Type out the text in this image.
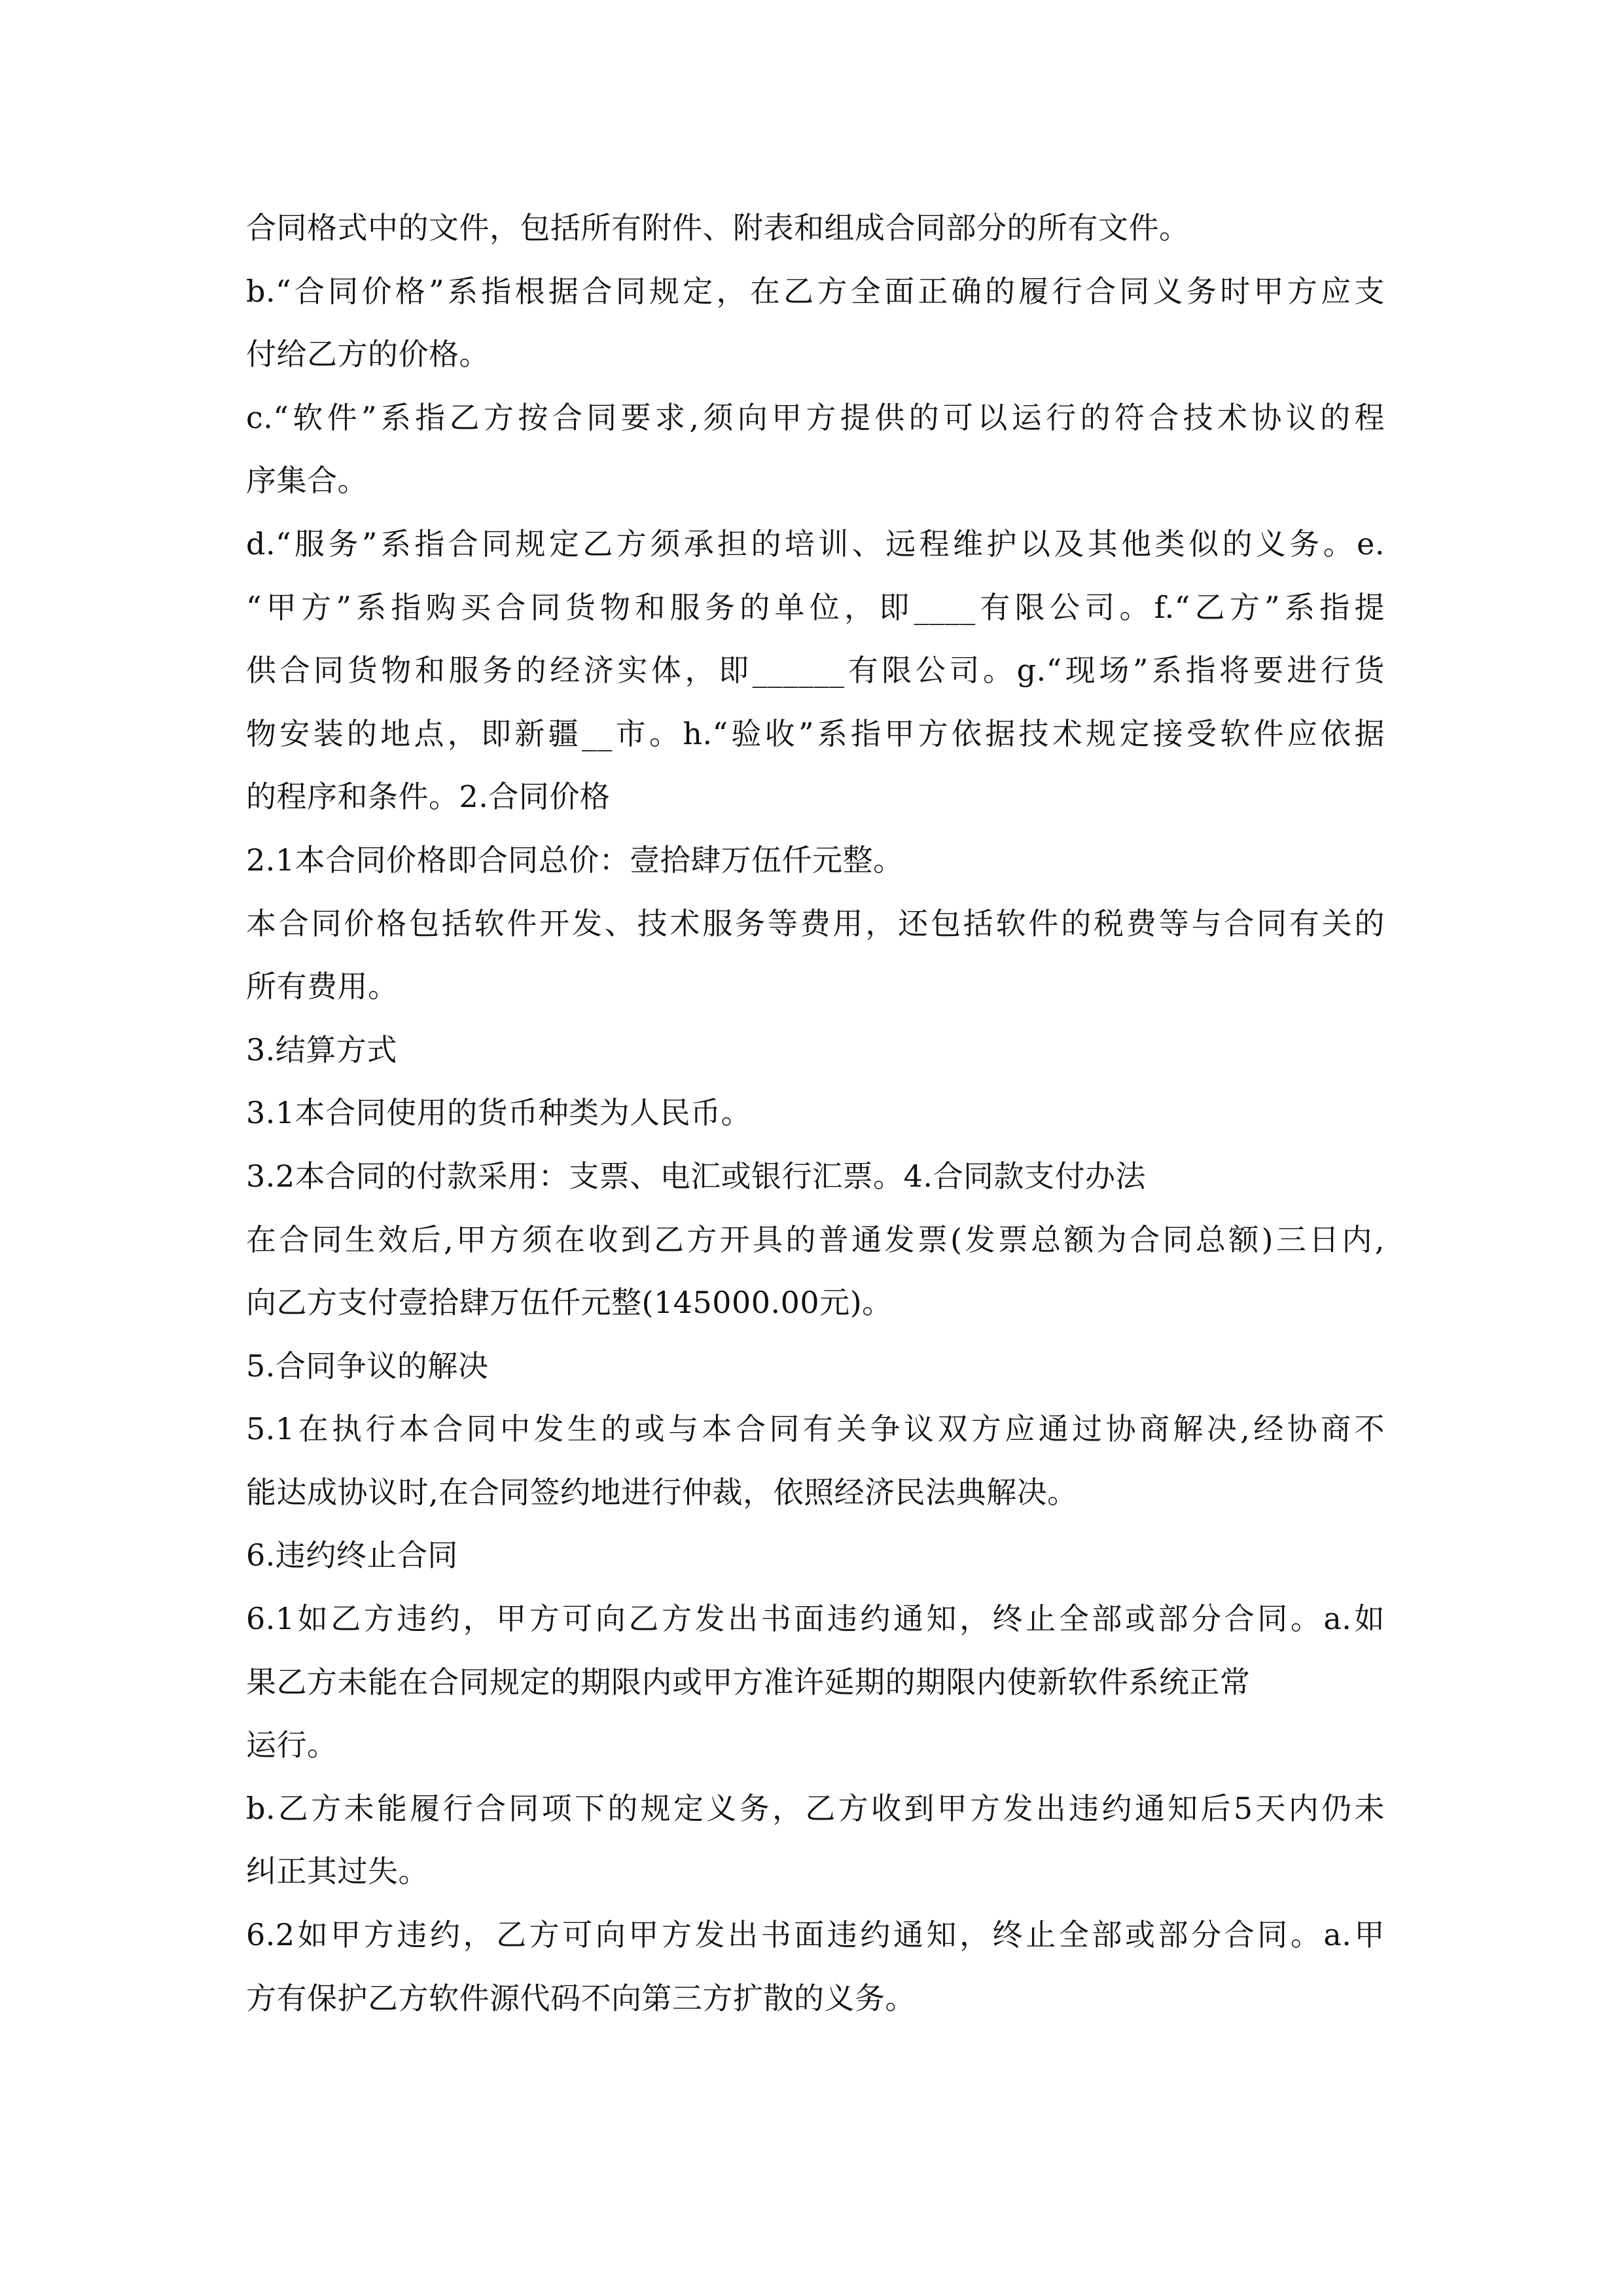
合同格式中的文件，包括所有附件、附表和组成合同部分的所有文件。
b.“合同价格”系指根据合同规定，在乙方全面正确的履行合同义务时甲方应支
付给乙方的价格。
c.“软件”系指乙方按合同要求,须向甲方提供的可以运行的符合技术协议的程
序集合。
d.“服务”系指合同规定乙方须承担的培训、远程维护以及其他类似的义务。e.
“甲方”系指购买合同货物和服务的单位，即____有限公司。f.“乙方”系指提
供合同货物和服务的经济实体，即______有限公司。g.“现场”系指将要进行货
物安装的地点，即新疆__市。h.“验收”系指甲方依据技术规定接受软件应依据
的程序和条件。2.合同价格
2.1本合同价格即合同总价：壹拾肆万伍仟元整。
本合同价格包括软件开发、技术服务等费用，还包括软件的税费等与合同有关的
所有费用。
3.结算方式
3.1本合同使用的货币种类为人民币。
3.2本合同的付款采用：支票、电汇或银行汇票。4.合同款支付办法
在合同生效后,甲方须在收到乙方开具的普通发票(发票总额为合同总额)三日内,
向乙方支付壹拾肆万伍仟元整(145000.00元)。
5.合同争议的解决
5.1在执行本合同中发生的或与本合同有关争议双方应通过协商解决,经协商不
能达成协议时,在合同签约地进行仲裁，依照经济民法典解决。
6.违约终止合同
6.1如乙方违约，甲方可向乙方发出书面违约通知，终止全部或部分合同。a.如
果乙方未能在合同规定的期限内或甲方准许延期的期限内使新软件系统正常
运行。
b.乙方未能履行合同项下的规定义务，乙方收到甲方发出违约通知后5天内仍未
纠正其过失。
6.2如甲方违约，乙方可向甲方发出书面违约通知，终止全部或部分合同。a.甲
方有保护乙方软件源代码不向第三方扩散的义务。
